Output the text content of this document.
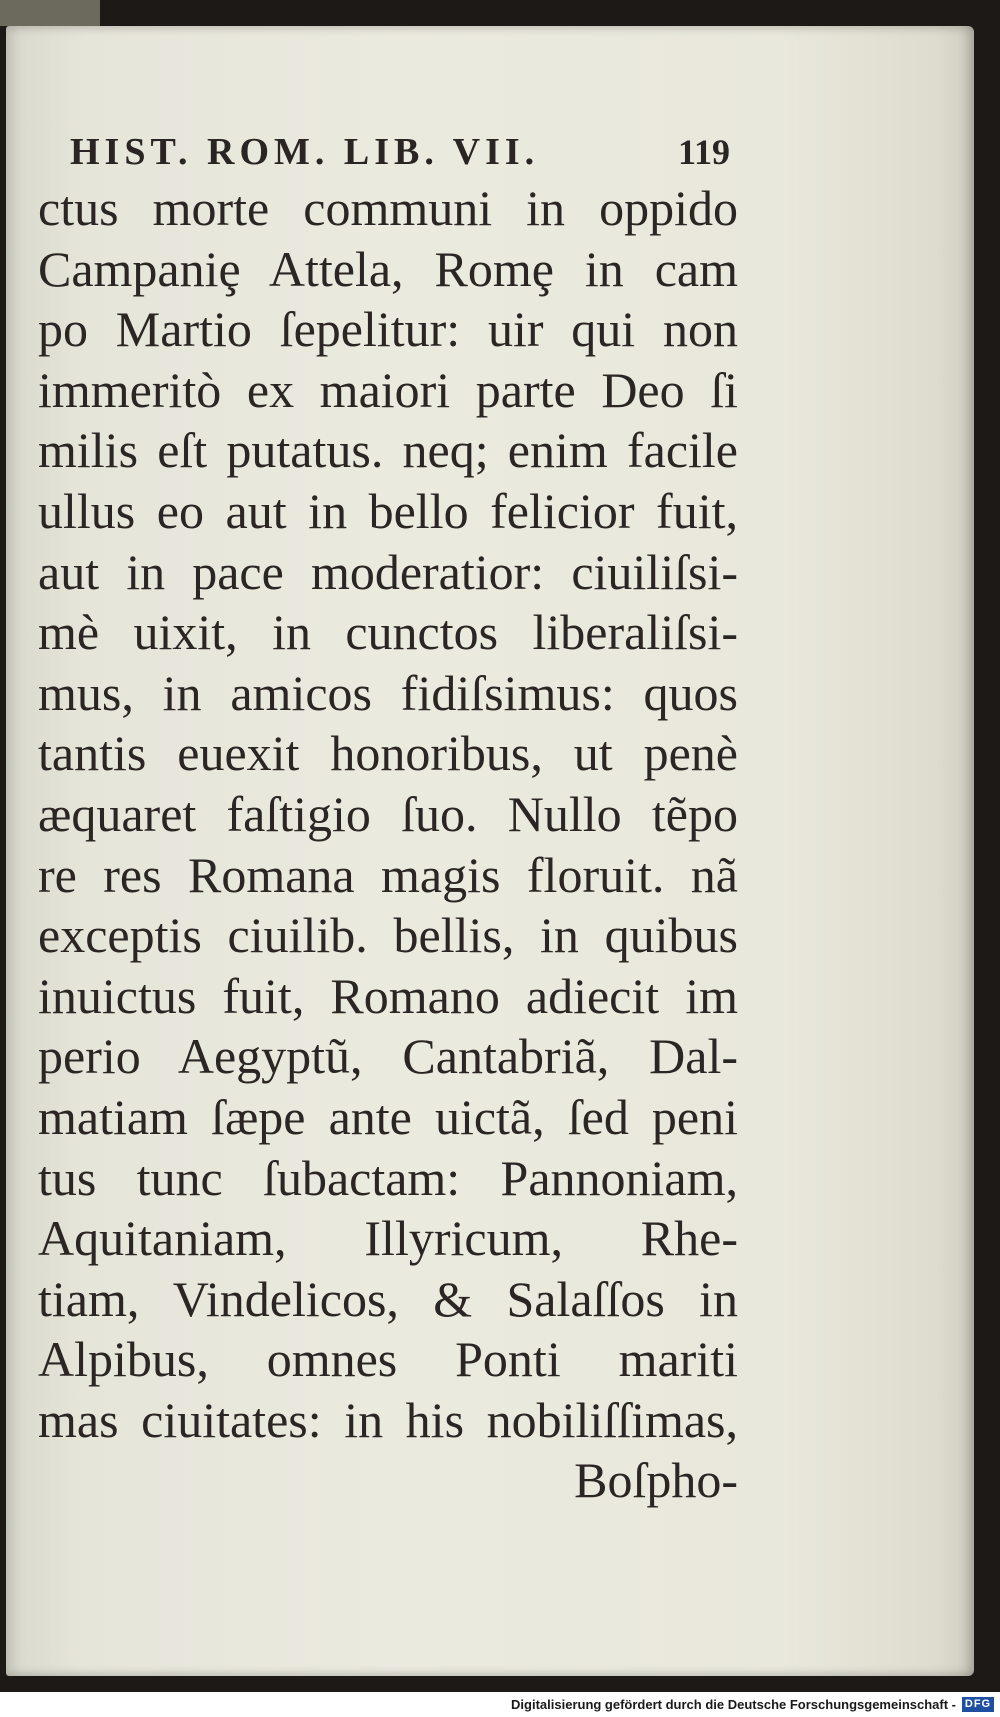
HIST. ROM. LIB. VII.	119
ctus morte communi in oppido
Campaniȩ Attela, Romȩ in cam
po Martio ſepelitur: uir qui non
immeritò ex maiori parte Deo ſi
milis eſt putatus. neq; enim facile
ullus eo aut in bello felicior fuit,
aut in pace moderatior: ciuiliſsi-
mè uixit, in cunctos liberaliſsi-
mus, in amicos fidiſsimus: quos
tantis euexit honoribus, ut penè
æquaret faſtigio ſuo. Nullo tẽpo
re res Romana magis floruit. nã
exceptis ciuilib. bellis, in quibus
inuictus fuit, Romano adiecit im
perio Aegyptũ, Cantabriã, Dal-
matiam ſæpe ante uictã, ſed peni
tus tunc ſubactam: Pannoniam,
Aquitaniam, Illyricum, Rhe-
tiam, Vindelicos, & Salaſſos in
Alpibus, omnes Ponti mariti
mas ciuitates: in his nobiliſſimas,
Boſpho-
Digitalisierung gefördert durch die Deutsche Forschungsgemeinschaft - DFG
